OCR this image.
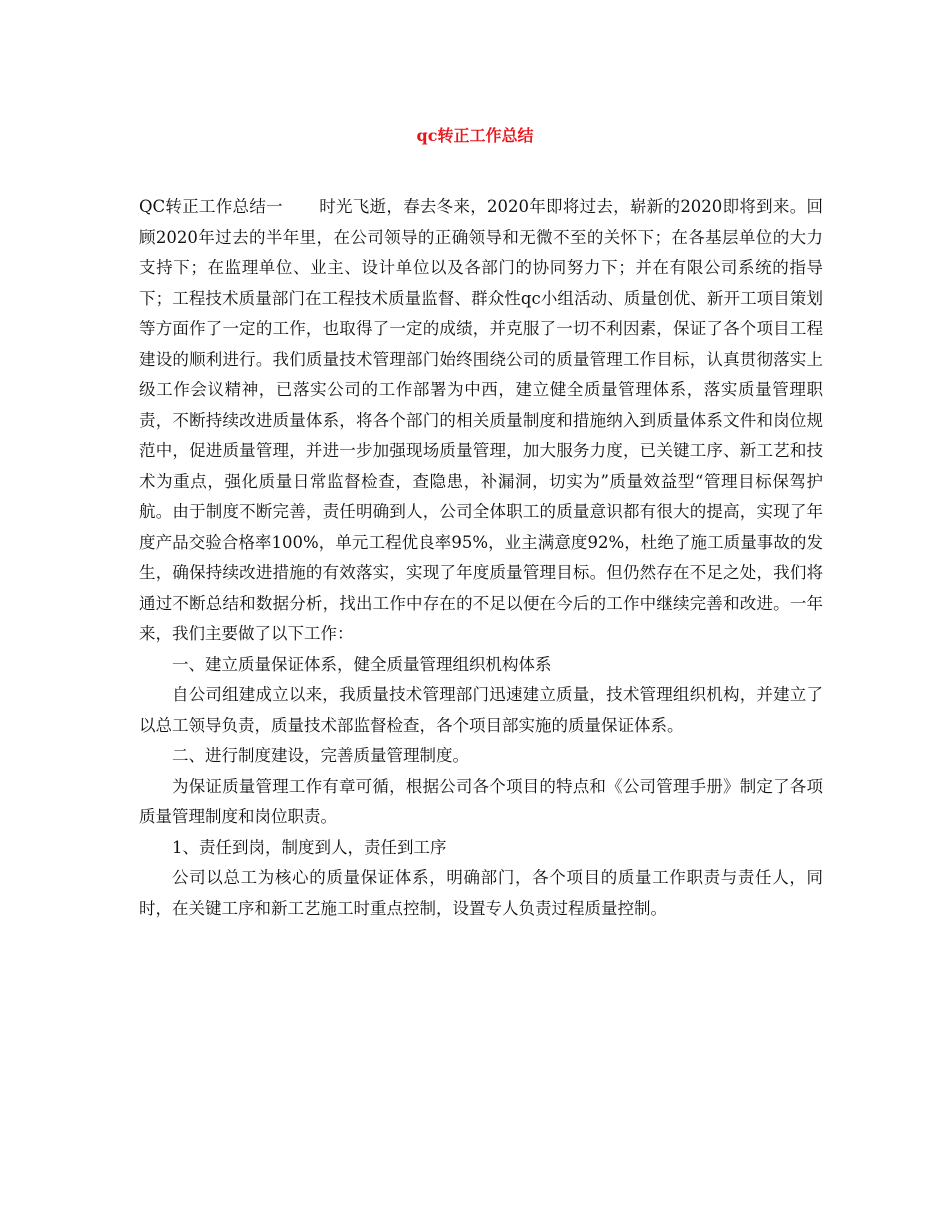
qc转正工作总结

QC转正工作总结一 时光飞逝，春去冬来，2020年即将过去，崭新的2020即将到来。回顾2020年过去的半年里，在公司领导的正确领导和无微不至的关怀下；在各基层单位的大力支持下；在监理单位、业主、设计单位以及各部门的协同努力下；并在有限公司系统的指导下；工程技术质量部门在工程技术质量监督、群众性qc小组活动、质量创优、新开工项目策划等方面作了一定的工作，也取得了一定的成绩，并克服了一切不利因素，保证了各个项目工程建设的顺利进行。我们质量技术管理部门始终围绕公司的质量管理工作目标，认真贯彻落实上级工作会议精神，已落实公司的工作部署为中西，建立健全质量管理体系，落实质量管理职责，不断持续改进质量体系，将各个部门的相关质量制度和措施纳入到质量体系文件和岗位规范中，促进质量管理，并进一步加强现场质量管理，加大服务力度，已关键工序、新工艺和技术为重点，强化质量日常监督检查，查隐患，补漏洞，切实为”质量效益型“管理目标保驾护航。由于制度不断完善，责任明确到人，公司全体职工的质量意识都有很大的提高，实现了年度产品交验合格率100%，单元工程优良率95%，业主满意度92%，杜绝了施工质量事故的发生，确保持续改进措施的有效落实，实现了年度质量管理目标。但仍然存在不足之处，我们将通过不断总结和数据分析，找出工作中存在的不足以便在今后的工作中继续完善和改进。一年来，我们主要做了以下工作：

一、建立质量保证体系，健全质量管理组织机构体系

自公司组建成立以来，我质量技术管理部门迅速建立质量，技术管理组织机构，并建立了以总工领导负责，质量技术部监督检查，各个项目部实施的质量保证体系。

二、进行制度建设，完善质量管理制度。

为保证质量管理工作有章可循，根据公司各个项目的特点和《公司管理手册》制定了各项质量管理制度和岗位职责。

1、责任到岗，制度到人，责任到工序

公司以总工为核心的质量保证体系，明确部门，各个项目的质量工作职责与责任人，同时，在关键工序和新工艺施工时重点控制，设置专人负责过程质量控制。
